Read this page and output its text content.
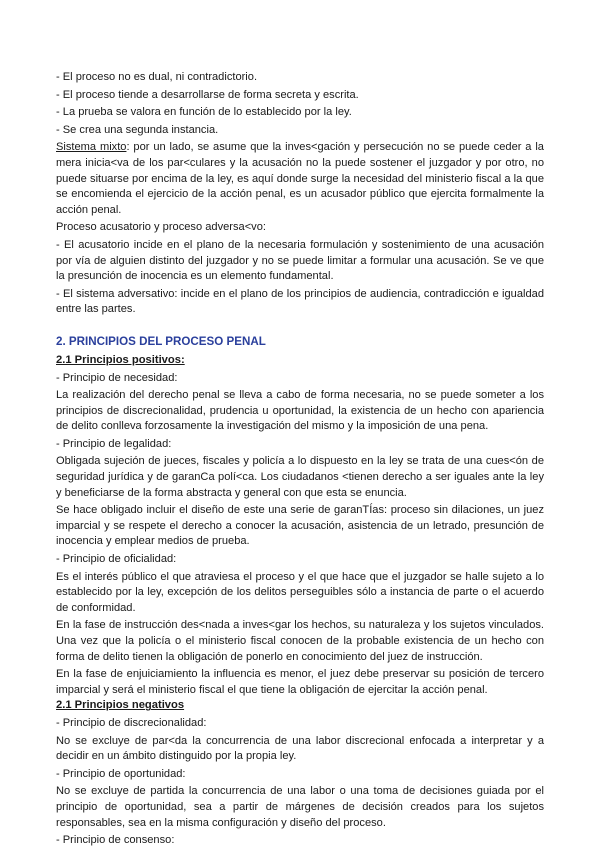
- El proceso no es dual, ni contradictorio.

- El proceso tiende a desarrollarse de forma secreta y escrita.

- La prueba se valora en función de lo establecido por la ley.

- Se crea una segunda instancia.

Sistema mixto: por un lado, se asume que la inves<gación y persecución no se puede ceder a la mera inicia<va de los par<culares y la acusación no la puede sostener el juzgador y por otro, no puede situarse por encima de la ley, es aquí donde surge la necesidad del ministerio fiscal a la que se encomienda el ejercicio de la acción penal, es un acusador público que ejercita formalmente la acción penal.

Proceso acusatorio y proceso adversa<vo:

- El acusatorio incide en el plano de la necesaria formulación y sostenimiento de una acusación por vía de alguien distinto del juzgador y no se puede limitar a formular una acusación. Se ve que la presunción de inocencia es un elemento fundamental.

- El sistema adversativo: incide en el plano de los principios de audiencia, contradicción e igualdad entre las partes.

2. PRINCIPIOS DEL PROCESO PENAL

2.1 Principios positivos:

- Principio de necesidad:

La realización del derecho penal se lleva a cabo de forma necesaria, no se puede someter a los principios de discrecionalidad, prudencia u oportunidad, la existencia de un hecho con apariencia de delito conlleva forzosamente la investigación del mismo y la imposición de una pena.

- Principio de legalidad:

Obligada sujeción de jueces, fiscales y policía a lo dispuesto en la ley se trata de una cues<ón de seguridad jurídica y de garanCa polí<ca. Los ciudadanos <tienen derecho a ser iguales ante la ley y beneficiarse de la forma abstracta y general con que esta se enuncia.

Se hace obligado incluir el diseño de este una serie de garanTÍas: proceso sin dilaciones, un juez imparcial y se respete el derecho a conocer la acusación, asistencia de un letrado, presunción de inocencia y emplear medios de prueba.

- Principio de oficialidad:

Es el interés público el que atraviesa el proceso y el que hace que el juzgador se halle sujeto a lo establecido por la ley, excepción de los delitos perseguibles sólo a instancia de parte o el acuerdo de conformidad.

En la fase de instrucción des<nada a inves<gar los hechos, su naturaleza y los sujetos vinculados. Una vez que la policía o el ministerio fiscal conocen de la probable existencia de un hecho con forma de delito tienen la obligación de ponerlo en conocimiento del juez de instrucción.

En la fase de enjuiciamiento la influencia es menor, el juez debe preservar su posición de tercero imparcial y será el ministerio fiscal el que tiene la obligación de ejercitar la acción penal.

2.1 Principios negativos

- Principio de discrecionalidad:

No se excluye de par<da la concurrencia de una labor discrecional enfocada a interpretar y a decidir en un ámbito distinguido por la propia ley.

- Principio de oportunidad:

No se excluye de partida la concurrencia de una labor o una toma de decisiones guiada por el principio de oportunidad, sea a partir de márgenes de decisión creados para los sujetos responsables, sea en la misma configuración y diseño del proceso.

- Principio de consenso:
